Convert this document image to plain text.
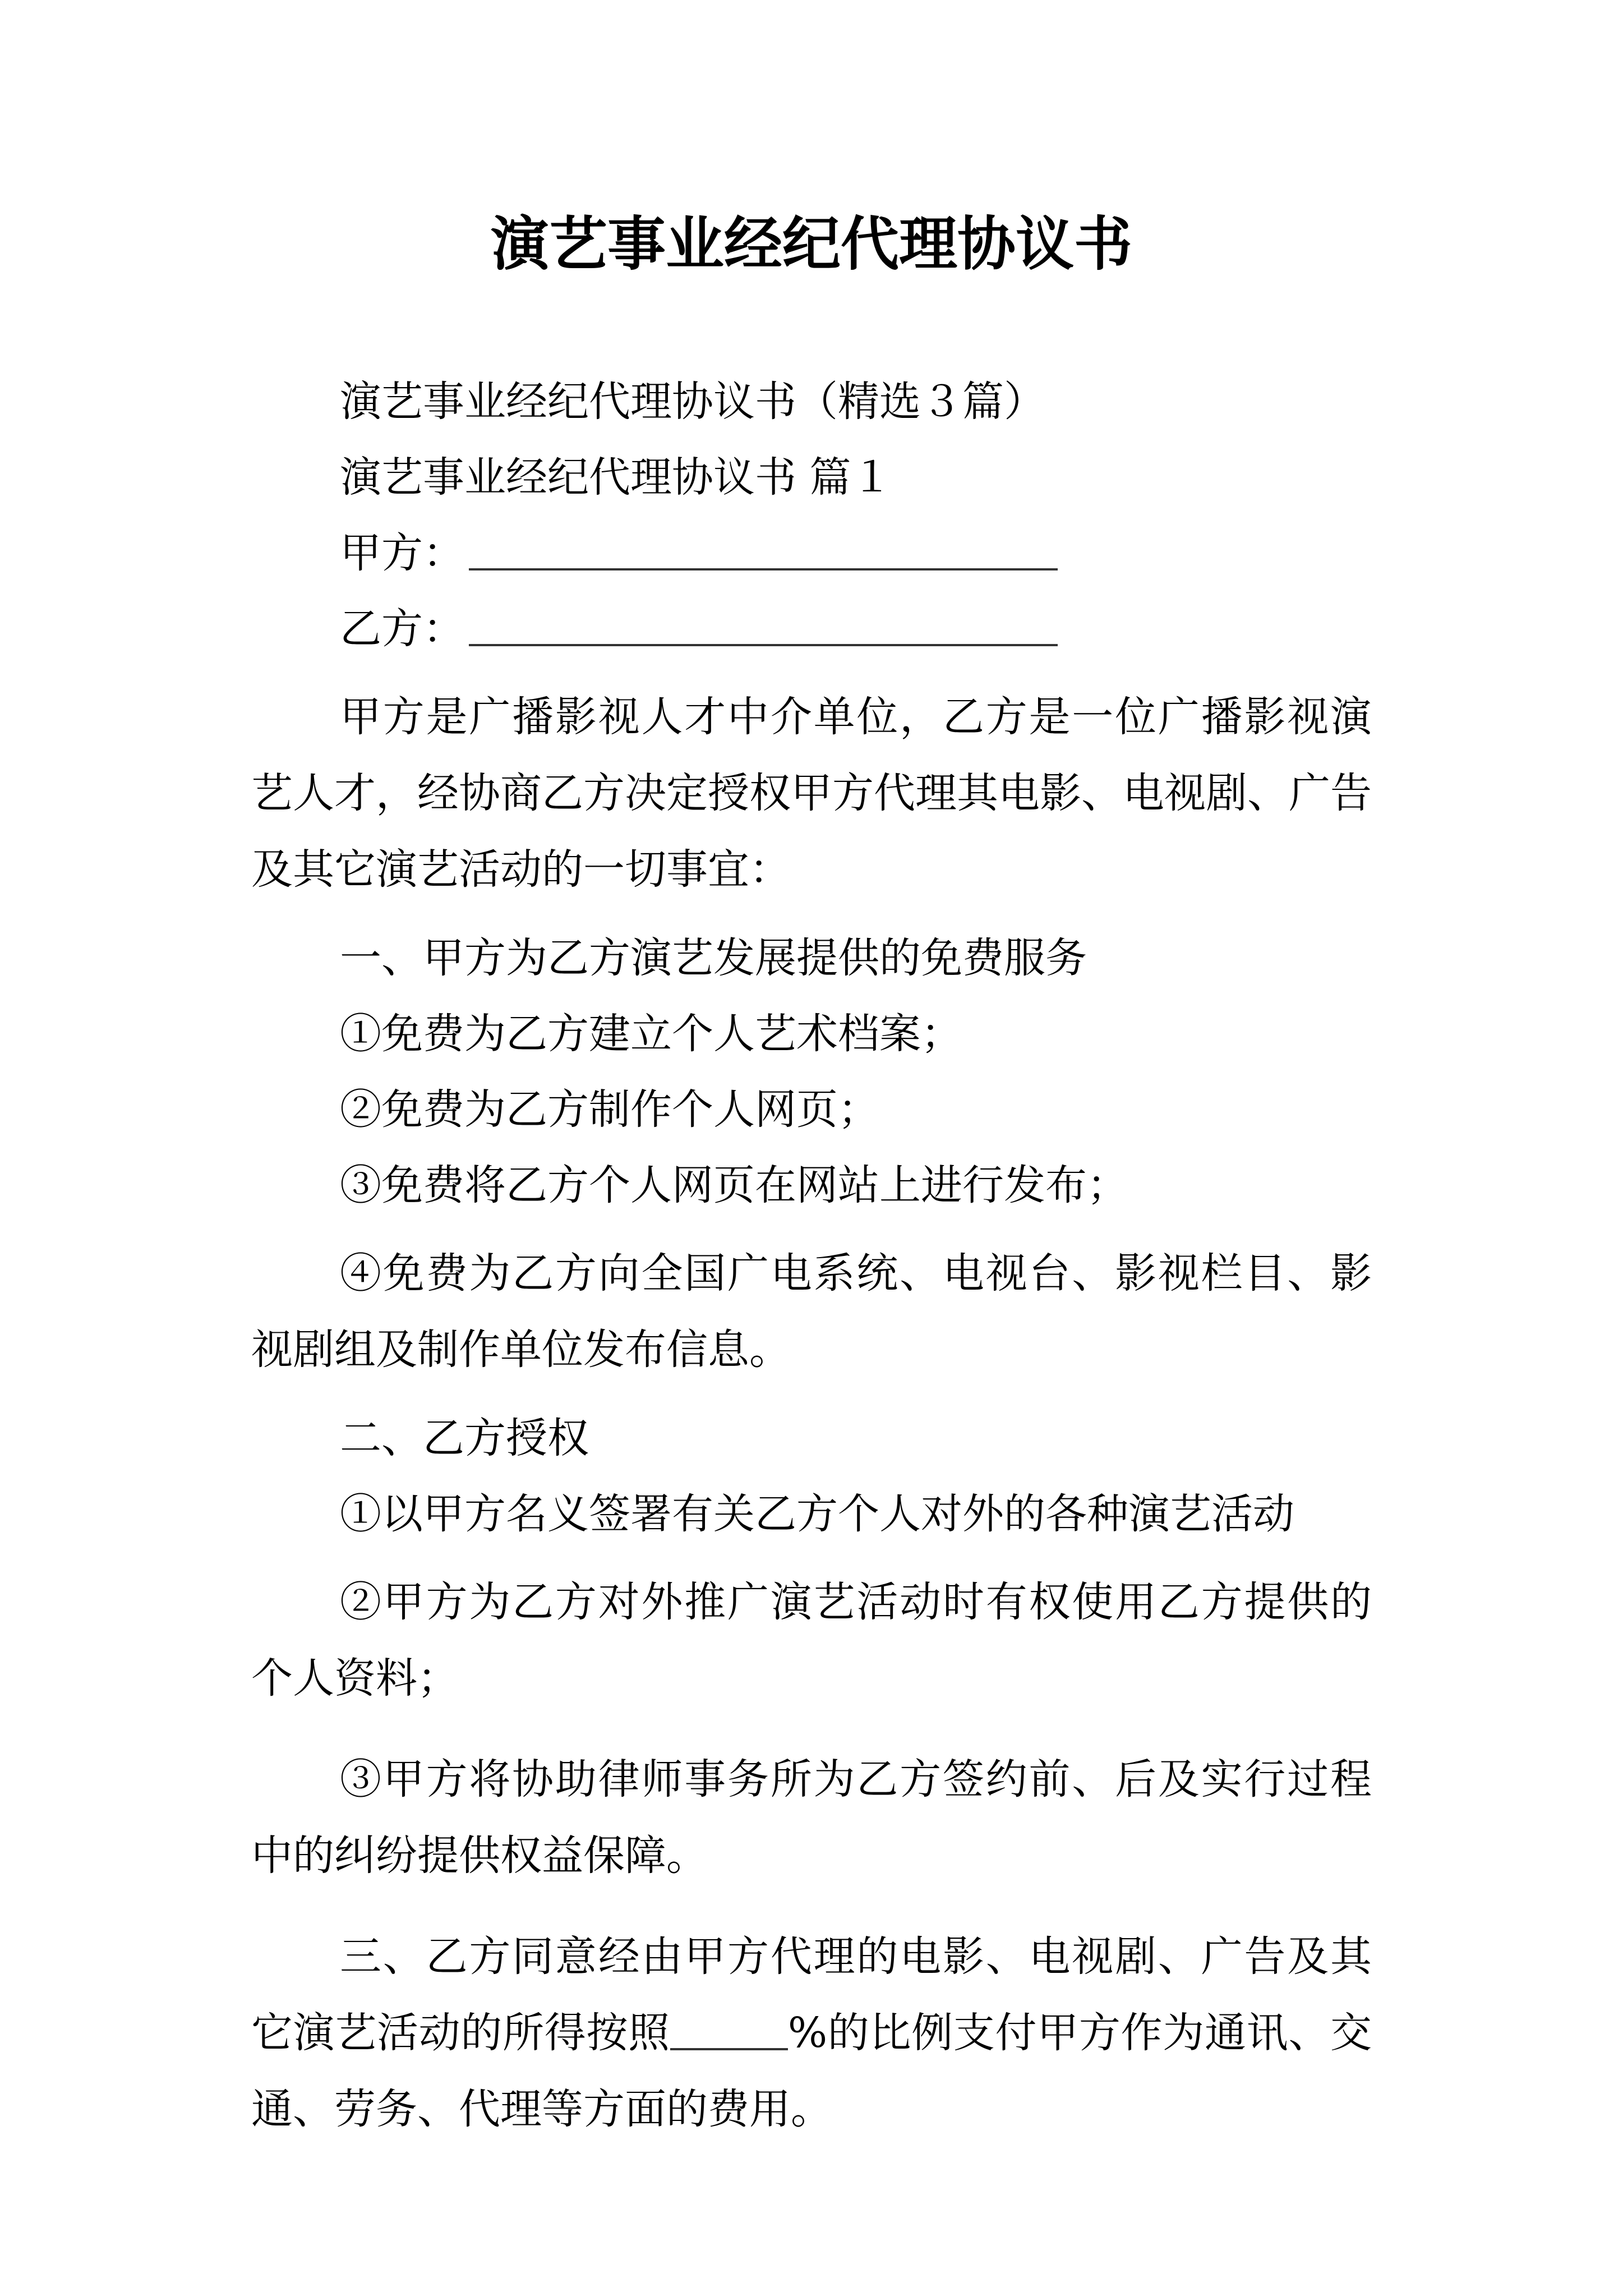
演艺事业经纪代理协议书

演艺事业经纪代理协议书（精选３篇）

演艺事业经纪代理协议书 篇１

甲方：

乙方：

甲方是广播影视人才中介单位，乙方是一位广播影视演艺人才，经协商乙方决定授权甲方代理其电影、电视剧、广告及其它演艺活动的一切事宜：

一、甲方为乙方演艺发展提供的免费服务

①免费为乙方建立个人艺术档案；

②免费为乙方制作个人网页；

③免费将乙方个人网页在网站上进行发布；

④免费为乙方向全国广电系统、电视台、影视栏目、影视剧组及制作单位发布信息。

二、乙方授权

①以甲方名义签署有关乙方个人对外的各种演艺活动

②甲方为乙方对外推广演艺活动时有权使用乙方提供的个人资料；

③甲方将协助律师事务所为乙方签约前、后及实行过程中的纠纷提供权益保障。

三、乙方同意经由甲方代理的电影、电视剧、广告及其它演艺活动的所得按照	%的比例支付甲方作为通讯、交通、劳务、代理等方面的费用。
